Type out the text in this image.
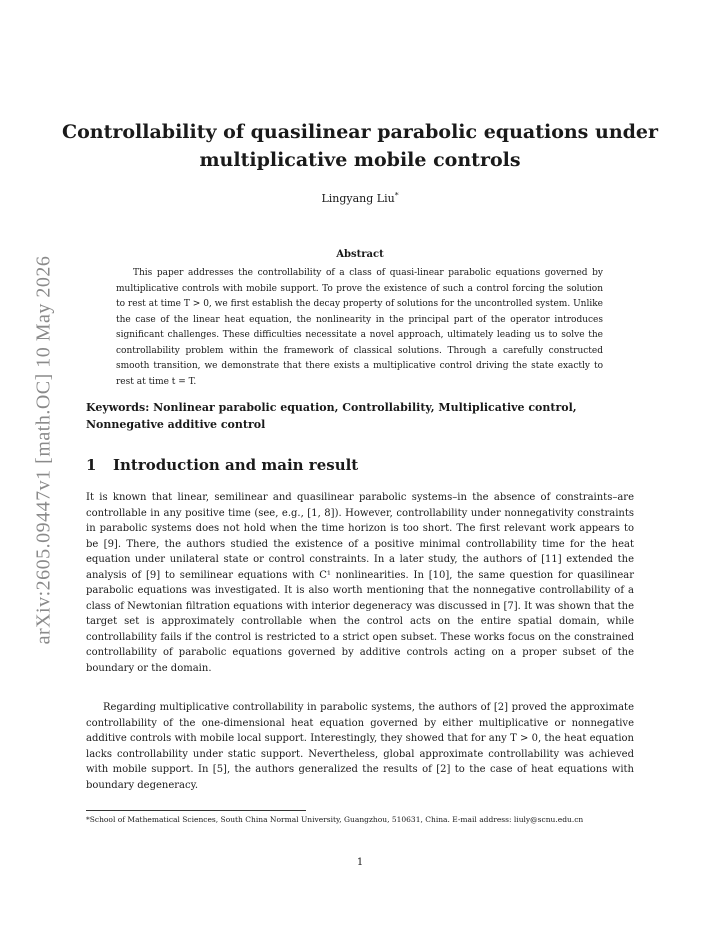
arXiv:2605.09447v1 [math.OC] 10 May 2026
Controllability of quasilinear parabolic equations under multiplicative mobile controls
Lingyang Liu*
Abstract

This paper addresses the controllability of a class of quasi-linear parabolic equations governed by multiplicative controls with mobile support. To prove the existence of such a control forcing the solution to rest at time T > 0, we first establish the decay property of solutions for the uncontrolled system. Unlike the case of the linear heat equation, the nonlinearity in the principal part of the operator introduces significant challenges. These difficulties necessitate a novel approach, ultimately leading us to solve the controllability problem within the framework of classical solutions. Through a carefully constructed smooth transition, we demonstrate that there exists a multiplicative control driving the state exactly to rest at time t = T.

Keywords: Nonlinear parabolic equation, Controllability, Multiplicative control, Nonnegative additive control

1 Introduction and main result

It is known that linear, semilinear and quasilinear parabolic systems–in the absence of constraints–are controllable in any positive time (see, e.g., [1, 8]). However, controllability under nonnegativity constraints in parabolic systems does not hold when the time horizon is too short. The first relevant work appears to be [9]. There, the authors studied the existence of a positive minimal controllability time for the heat equation under unilateral state or control constraints. In a later study, the authors of [11] extended the analysis of [9] to semilinear equations with C¹ nonlinearities. In [10], the same question for quasilinear parabolic equations was investigated. It is also worth mentioning that the nonnegative controllability of a class of Newtonian filtration equations with interior degeneracy was discussed in [7]. It was shown that the target set is approximately controllable when the control acts on the entire spatial domain, while controllability fails if the control is restricted to a strict open subset. These works focus on the constrained controllability of parabolic equations governed by additive controls acting on a proper subset of the boundary or the domain.

Regarding multiplicative controllability in parabolic systems, the authors of [2] proved the approximate controllability of the one-dimensional heat equation governed by either multiplicative or nonnegative additive controls with mobile local support. Interestingly, they showed that for any T > 0, the heat equation lacks controllability under static support. Nevertheless, global approximate controllability was achieved with mobile support. In [5], the authors generalized the results of [2] to the case of heat equations with boundary degeneracy.

*School of Mathematical Sciences, South China Normal University, Guangzhou, 510631, China. E-mail address: liuly@scnu.edu.cn

1
